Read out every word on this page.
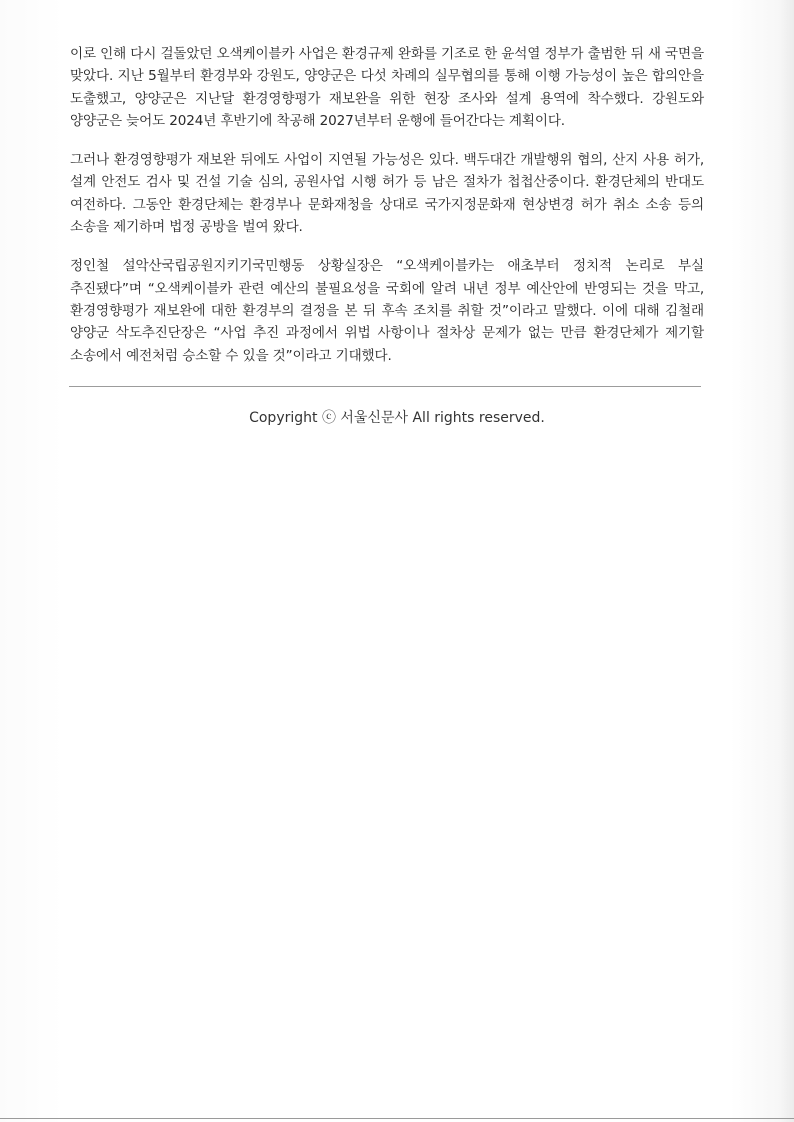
이로 인해 다시 걸돌았던 오색케이블카 사업은 환경규제 완화를 기조로 한 윤석열 정부가 출범한 뒤 새 국면을 맞았다. 지난 5월부터 환경부와 강원도, 양양군은 다섯 차례의 실무협의를 통해 이행 가능성이 높은 합의안을 도출했고, 양양군은 지난달 환경영향평가 재보완을 위한 현장 조사와 설계 용역에 착수했다. 강원도와 양양군은 늦어도 2024년 후반기에 착공해 2027년부터 운행에 들어간다는 계획이다.

그러나 환경영향평가 재보완 뒤에도 사업이 지연될 가능성은 있다. 백두대간 개발행위 협의, 산지 사용 허가, 설계 안전도 검사 및 건설 기술 심의, 공원사업 시행 허가 등 남은 절차가 첩첩산중이다. 환경단체의 반대도 여전하다. 그동안 환경단체는 환경부나 문화재청을 상대로 국가지정문화재 현상변경 허가 취소 소송 등의 소송을 제기하며 법정 공방을 벌여 왔다.

정인철 설악산국립공원지키기국민행동 상황실장은 “오색케이블카는 애초부터 정치적 논리로 부실 추진됐다”며 “오색케이블카 관련 예산의 불필요성을 국회에 알려 내년 정부 예산안에 반영되는 것을 막고, 환경영향평가 재보완에 대한 환경부의 결정을 본 뒤 후속 조치를 취할 것”이라고 말했다. 이에 대해 김철래 양양군 삭도추진단장은 “사업 추진 과정에서 위법 사항이나 절차상 문제가 없는 만큼 환경단체가 제기할 소송에서 예전처럼 승소할 수 있을 것”이라고 기대했다.

Copyright ⓒ 서울신문사 All rights reserved.
